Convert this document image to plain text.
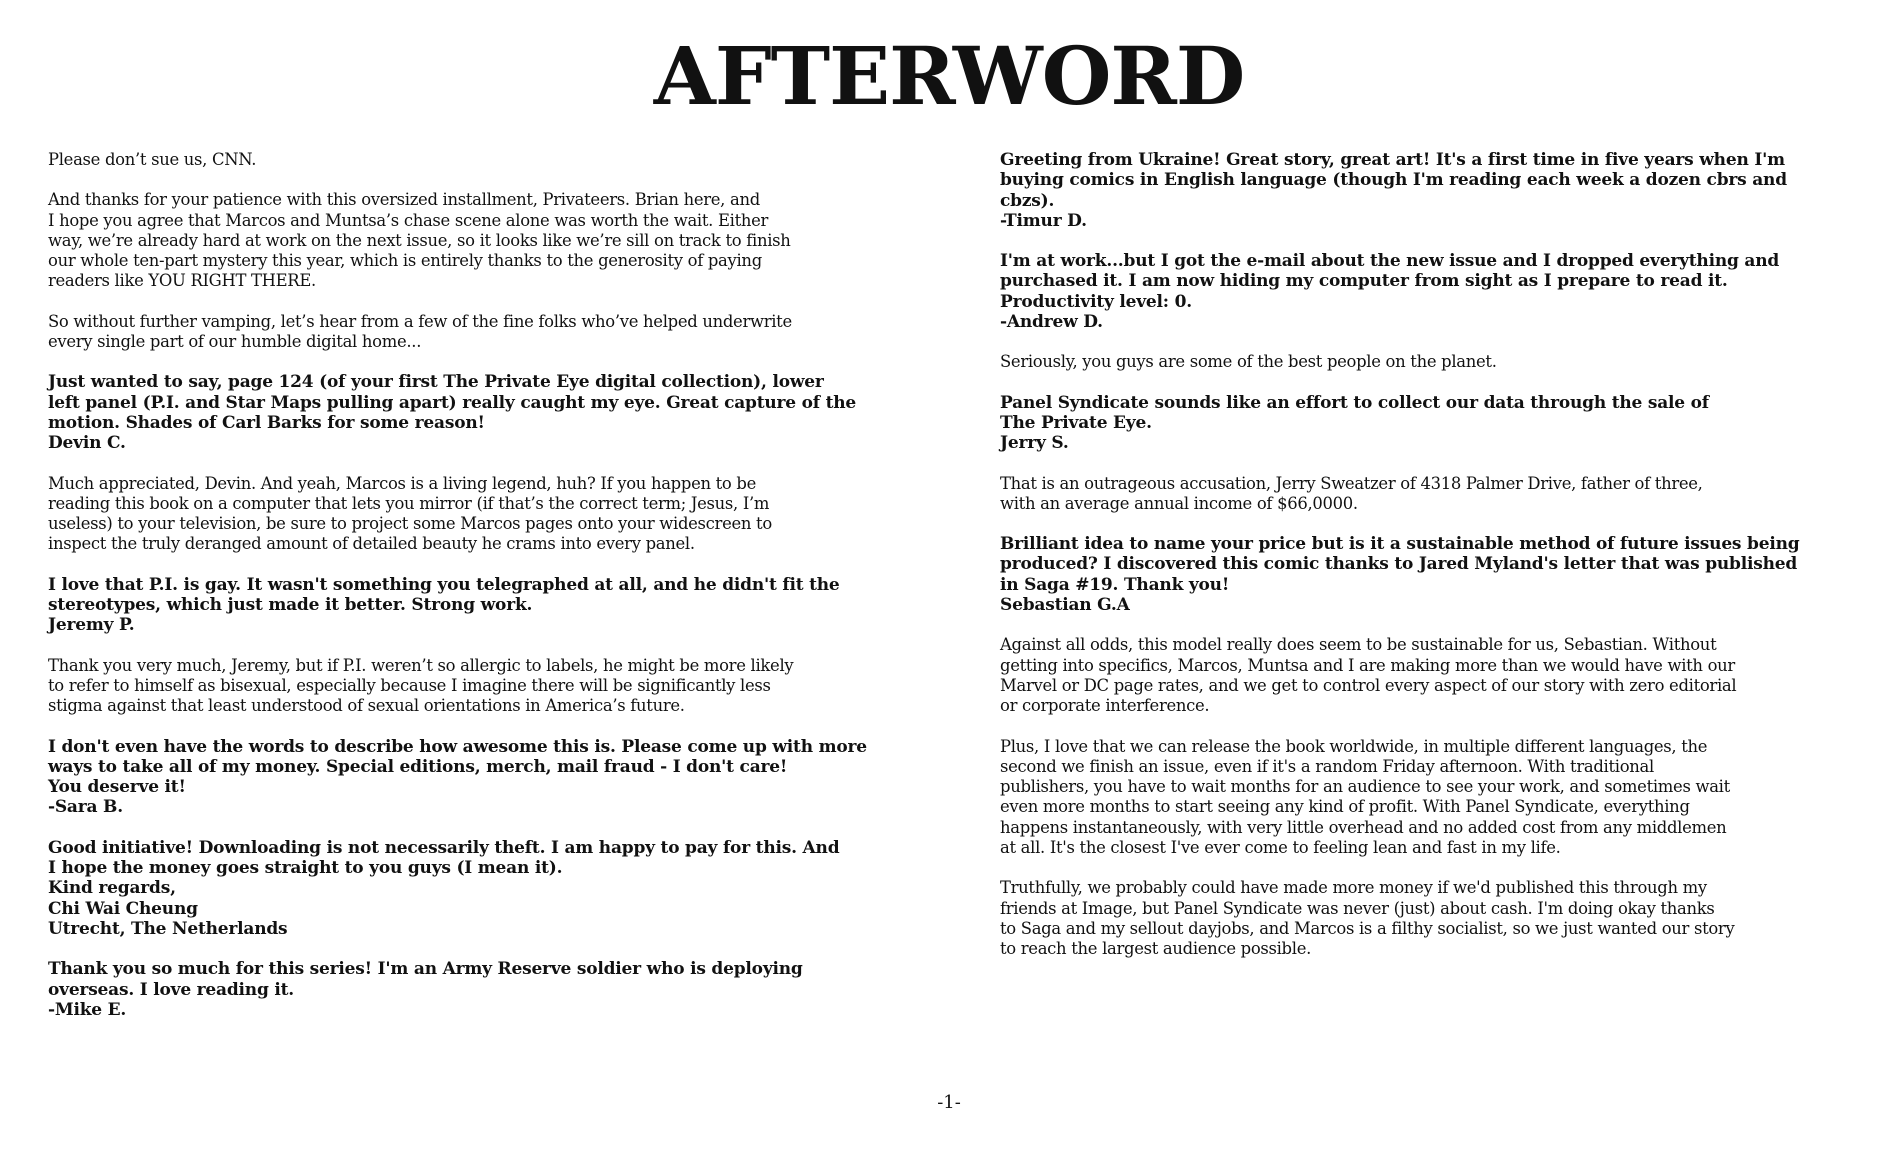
AFTERWORD

Please don’t sue us, CNN.

And thanks for your patience with this oversized installment, Privateers. Brian here, and
I hope you agree that Marcos and Muntsa’s chase scene alone was worth the wait. Either
way, we’re already hard at work on the next issue, so it looks like we’re sill on track to finish
our whole ten-part mystery this year, which is entirely thanks to the generosity of paying
readers like YOU RIGHT THERE.

So without further vamping, let’s hear from a few of the fine folks who’ve helped underwrite
every single part of our humble digital home...

Just wanted to say, page 124 (of your first The Private Eye digital collection), lower
left panel (P.I. and Star Maps pulling apart) really caught my eye. Great capture of the
motion. Shades of Carl Barks for some reason!
Devin C.

Much appreciated, Devin. And yeah, Marcos is a living legend, huh? If you happen to be
reading this book on a computer that lets you mirror (if that’s the correct term; Jesus, I’m
useless) to your television, be sure to project some Marcos pages onto your widescreen to
inspect the truly deranged amount of detailed beauty he crams into every panel.

I love that P.I. is gay. It wasn't something you telegraphed at all, and he didn't fit the
stereotypes, which just made it better. Strong work.
Jeremy P.

Thank you very much, Jeremy, but if P.I. weren’t so allergic to labels, he might be more likely
to refer to himself as bisexual, especially because I imagine there will be significantly less
stigma against that least understood of sexual orientations in America’s future.

I don't even have the words to describe how awesome this is. Please come up with more
ways to take all of my money. Special editions, merch, mail fraud - I don't care!
You deserve it!
-Sara B.

Good initiative! Downloading is not necessarily theft. I am happy to pay for this. And
I hope the money goes straight to you guys (I mean it).
Kind regards,
Chi Wai Cheung
Utrecht, The Netherlands

Thank you so much for this series! I'm an Army Reserve soldier who is deploying
overseas. I love reading it.
-Mike E.

Greeting from Ukraine! Great story, great art! It's a first time in five years when I'm
buying comics in English language (though I'm reading each week a dozen cbrs and
cbzs).
-Timur D.

I'm at work...but I got the e-mail about the new issue and I dropped everything and
purchased it. I am now hiding my computer from sight as I prepare to read it.
Productivity level: 0.
-Andrew D.

Seriously, you guys are some of the best people on the planet.

Panel Syndicate sounds like an effort to collect our data through the sale of
The Private Eye.
Jerry S.

That is an outrageous accusation, Jerry Sweatzer of 4318 Palmer Drive, father of three,
with an average annual income of $66,0000.

Brilliant idea to name your price but is it a sustainable method of future issues being
produced? I discovered this comic thanks to Jared Myland's letter that was published
in Saga #19. Thank you!
Sebastian G.A

Against all odds, this model really does seem to be sustainable for us, Sebastian. Without
getting into specifics, Marcos, Muntsa and I are making more than we would have with our
Marvel or DC page rates, and we get to control every aspect of our story with zero editorial
or corporate interference.

Plus, I love that we can release the book worldwide, in multiple different languages, the
second we finish an issue, even if it's a random Friday afternoon. With traditional
publishers, you have to wait months for an audience to see your work, and sometimes wait
even more months to start seeing any kind of profit. With Panel Syndicate, everything
happens instantaneously, with very little overhead and no added cost from any middlemen
at all. It's the closest I've ever come to feeling lean and fast in my life.

Truthfully, we probably could have made more money if we'd published this through my
friends at Image, but Panel Syndicate was never (just) about cash. I'm doing okay thanks
to Saga and my sellout dayjobs, and Marcos is a filthy socialist, so we just wanted our story
to reach the largest audience possible.

-1-
